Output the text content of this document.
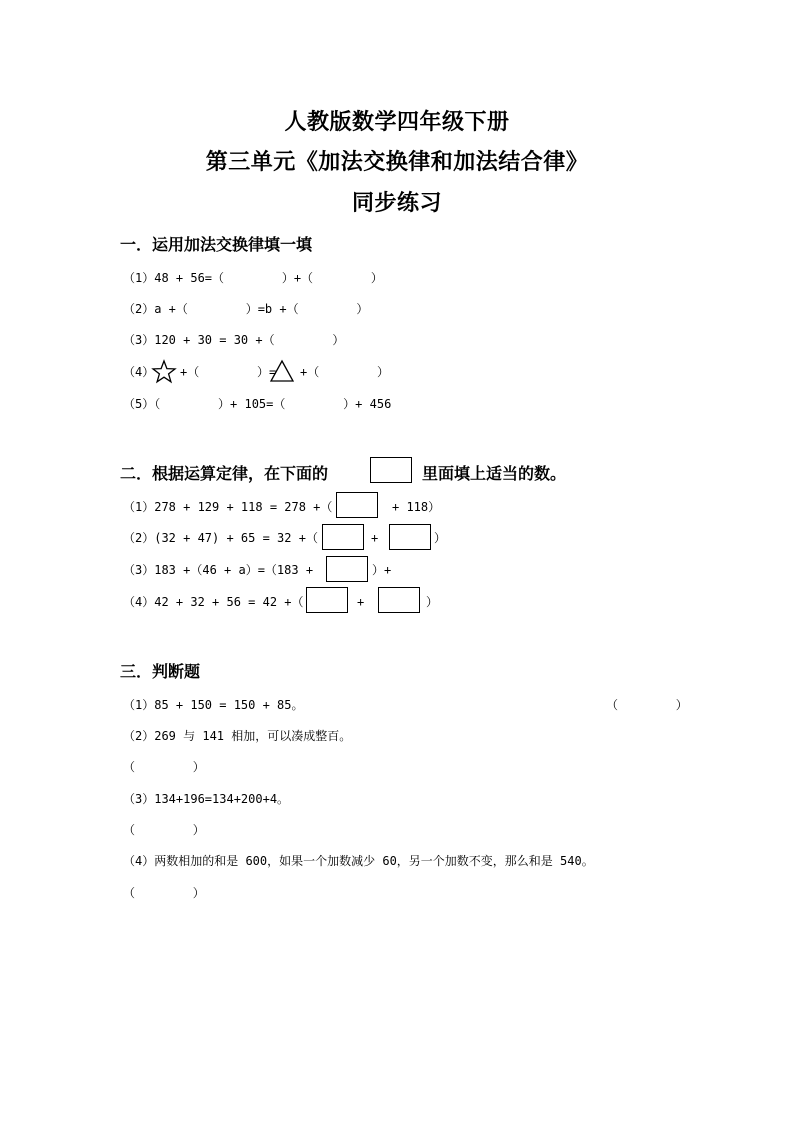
人教版数学四年级下册
第三单元《加法交换律和加法结合律》
同步练习
一．运用加法交换律填一填
（1）48 + 56=（        ）+（        ）
（2）a +（        ）=b +（        ）
（3）120 + 30 = 30 +（        ）
（4） +（        ）= +（        ）
（5）（        ）+ 105=（        ）+ 456
二．根据运算定律，在下面的	里面填上适当的数。
（1）278 + 129 + 118 = 278 +（	+ 118）
（2）(32 + 47) + 65 = 32 +（	+	）
（3）183 +（46 + a）=（183 +	）+
（4）42 + 32 + 56 = 42 +（	+	）
三．判断题
（1）85 + 150 = 150 + 85。	（        ）
（2）269 与 141 相加，可以凑成整百。
（        ）
（3）134+196=134+200+4。
（        ）
（4）两数相加的和是 600，如果一个加数减少 60，另一个加数不变，那么和是 540。
（        ）
